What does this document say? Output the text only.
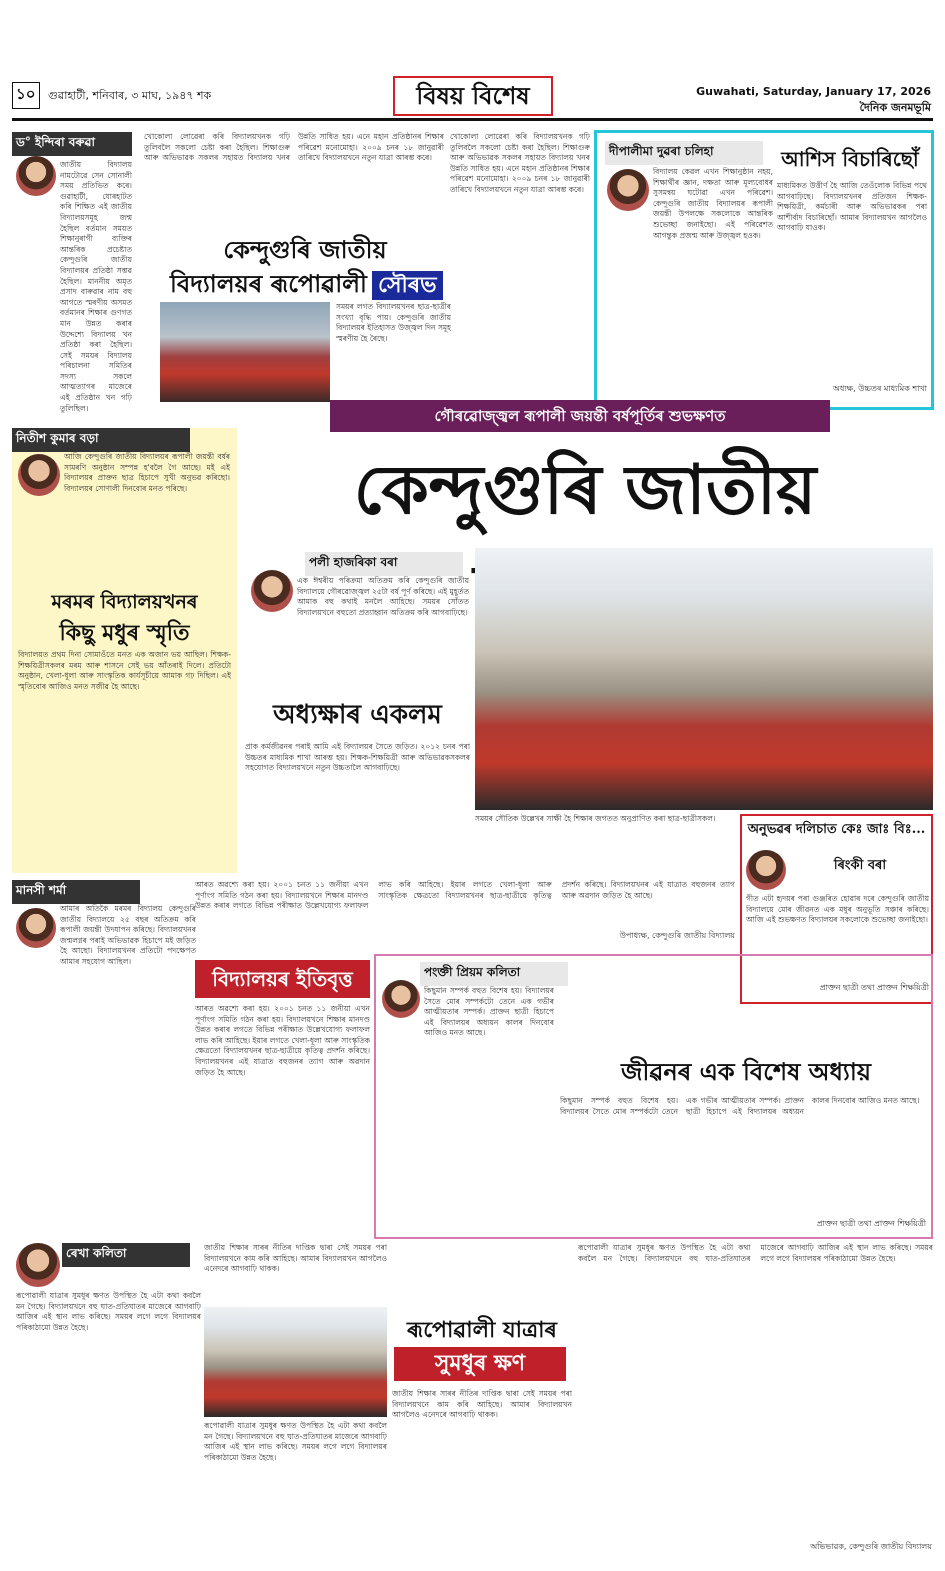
১০ গুৱাহাটী, শনিবাৰ, ৩ মাঘ, ১৯৪৭ শক	বিষয় বিশেষ	Guwahati, Saturday, January 17, 2026
দৈনিক জনমভূমি
ড° ইন্দিৰা বৰুৱা
জাতীয় বিদ্যালয় নামটোৱে সেন সোনালী সময় প্ৰতিভিত কৰে। গুৱাহাটী, যোৰহাটত কৰি শিক্ষিত এই জাতীয় বিদ্যালয়সমূহ জন্ম হৈছিল বৰ্তমান সময়ত শিক্ষানুৰাগী ব্যক্তিৰ আন্তৰিক প্ৰচেষ্টাত কেন্দুগুৰি জাতীয় বিদ্যালয়ৰ প্ৰতিষ্ঠা সম্ভৱ হৈছিল। মাননীয় অমৃত প্ৰসাদ বাৰুৱাৰ নাম বহু আগতে স্মৰণীয় অসমত বৰ্তমানৰ শিক্ষাৰ গুণগত মান উন্নত কৰাৰ উদ্দেশ্যে বিদ্যালয় খন প্ৰতিষ্ঠা কৰা হৈছিল। সেই সময়ৰ বিদ্যালয় পৰিচালনা সমিতিৰ সদস্য সকলে আত্মত্যাগৰ মাজেৰে এই প্ৰতিষ্ঠান খন গঢ়ি তুলিছিল।
খোকোলা লোৱেৰা কৰি বিদ্যালয়খনক গঢ়ি তুলিবলৈ সকলো চেষ্টা কৰা হৈছিল। শিক্ষাগুৰু আৰু অভিভাৱক সকলৰ সহায়ত বিদ্যালয় খনৰ উন্নতি সাধিত হয়। এনে মহান প্ৰতিষ্ঠানৰ শিক্ষাৰ পৰিৱেশ মনোমোহা। ২০০৯ চনৰ ১৮ জানুৱাৰী তাৰিখে বিদ্যালয়খনে নতুন যাত্ৰা আৰম্ভ কৰে।
কেন্দুগুৰি জাতীয়
বিদ্যালয়ৰ ৰূপোৱালী সৌৰভ
সময়ৰ লগত বিদ্যালয়খনৰ ছাত্ৰ-ছাত্ৰীৰ সংখ্যা বৃদ্ধি পায়। কেন্দুগুৰি জাতীয় বিদ্যালয়ৰ ইতিহাসত উজ্জ্বল দিন সমূহ স্মৰণীয় হৈ ৰৈছে।
খোকোলা লোৱেৰা কৰি বিদ্যালয়খনক গঢ়ি তুলিবলৈ সকলো চেষ্টা কৰা হৈছিল। শিক্ষাগুৰু আৰু অভিভাৱক সকলৰ সহায়ত বিদ্যালয় খনৰ উন্নতি সাধিত হয়। এনে মহান প্ৰতিষ্ঠানৰ শিক্ষাৰ পৰিৱেশ মনোমোহা। ২০০৯ চনৰ ১৮ জানুৱাৰী তাৰিখে বিদ্যালয়খনে নতুন যাত্ৰা আৰম্ভ কৰে।
দীপালীমা দুৱৰা চলিহা
বিদ্যালয় কেৱল এখন শিক্ষানুষ্ঠান নহয়, শিক্ষাৰ্থীৰ জ্ঞান, দক্ষতা আৰু মূল্যবোধৰ সুসমন্বয় ঘটোৱা এখন পৰিৱেশ। কেন্দুগুৰি জাতীয় বিদ্যালয়ৰ ৰূপালী জয়ন্তী উপলক্ষে সকলোকে আন্তৰিক শুভেচ্ছা জনাইছো। এই পৰিৱেশত আগন্তুক প্ৰজন্ম আৰু উজ্জ্বল হওক।
আশিস বিচাৰিছোঁ
মাধ্যমিকত উত্তীৰ্ণ হৈ আজি তেওঁলোক বিভিন্ন পথে আগবাঢ়িছে। বিদ্যালয়খনৰ প্ৰতিজন শিক্ষক-শিক্ষয়িত্ৰী, কৰ্মচাৰী আৰু অভিভাৱকৰ পৰা আশীৰ্বাদ বিচাৰিছোঁ। আমাৰ বিদ্যালয়খন আগলৈও আগবাঢ়ি যাওক।
অধ্যক্ষ, উচ্চতৰ মাধ্যমিক শাখা
নিতীশ কুমাৰ বড়া
আজি কেন্দুগুৰি জাতীয় বিদ্যালয়ৰ ৰূপালী জয়ন্তী বৰ্ষৰ সামৰণি অনুষ্ঠান সম্পন্ন হ'বলৈ গৈ আছে। মই এই বিদ্যালয়ৰ প্ৰাক্তন ছাত্ৰ হিচাপে সুখী অনুভৱ কৰিছো। বিদ্যালয়ৰ সোণালী দিনবোৰ মনত পৰিছে।
মৰমৰ বিদ্যালয়খনৰ
কিছু মধুৰ স্মৃতি
বিদ্যালয়ত প্ৰথম দিনা সোমাওঁতে মনত এক অজান ভয় আছিল। শিক্ষক-শিক্ষয়িত্ৰীসকলৰ মৰম আৰু শাসনে সেই ভয় আঁতৰাই দিলে। প্ৰতিটো অনুষ্ঠান, খেলা-ধূলা আৰু সাংস্কৃতিক কাৰ্যসূচীয়ে আমাক গঢ় দিছিল। এই স্মৃতিবোৰ আজিও মনত সজীৱ হৈ আছে।
গৌৰৱোজ্জ্বল ৰূপালী জয়ন্তী বৰ্ষপূৰ্তিৰ শুভক্ষণত
কেন্দুগুৰি জাতীয়
পলী হাজৰিকা বৰা
এক ঈশ্বৰীয় পৰিক্ৰমা অতিক্ৰম কৰি কেন্দুগুৰি জাতীয় বিদ্যালয়ে গৌৰৱোজ্জ্বল ২৫টা বৰ্ষ পূৰ্ণ কৰিছে। এই মুহূৰ্তত আমাক বহু কথাই মনলৈ আহিছে। সময়ৰ সোঁতত বিদ্যালয়খনে বহুতো প্ৰত্যাহ্বান অতিক্ৰম কৰি আগবাঢ়িছে।
অধ্যক্ষাৰ একলম
প্ৰাক কৰ্মজীৱনৰ পৰাই আমি এই বিদ্যালয়ৰ সৈতে জড়িত। ২০১২ চনৰ পৰা উচ্চতৰ মাধ্যমিক শাখা আৰম্ভ হয়। শিক্ষক-শিক্ষয়িত্ৰী আৰু অভিভাৱকসকলৰ সহযোগত বিদ্যালয়খনে নতুন উচ্চতালৈ আগবাঢ়িছে।
সময়ৰ সৌতিক উল্লেখৰ সাক্ষী হৈ শিক্ষাৰ জগতত অনুপ্ৰাণিত কৰা ছাত্ৰ-ছাত্ৰীসকল।
অনুভৱৰ দলিচাত কেঃ জাঃ বিঃ...
ৰিংকী বৰা
গীত এটা হৃদয়ৰ পৰা গুঞ্জৰিত হোৱাৰ দৰে কেন্দুগুৰি জাতীয় বিদ্যালয়ে মোৰ জীৱনত এক মধুৰ অনুভূতি সঞ্চাৰ কৰিছে। আজি এই শুভক্ষণত বিদ্যালয়ৰ সকলোকে শুভেচ্ছা জনাইছো।
প্ৰাক্তন ছাত্ৰী তথা প্ৰাক্তন শিক্ষয়িত্ৰী
মানসী শৰ্মা
আমাৰ অতিকৈ মৰমৰ বিদ্যালয় কেন্দুগুৰি জাতীয় বিদ্যালয়ে ২৫ বছৰ অতিক্ৰম কৰি ৰূপালী জয়ন্তী উদযাপন কৰিছে। বিদ্যালয়খনৰ জন্মলগ্নৰ পৰাই অভিভাৱক হিচাপে মই জড়িত হৈ আছো। বিদ্যালয়খনৰ প্ৰতিটো পদক্ষেপত আমাৰ সহযোগ আছিল।
আৰত অৱশ্যে কৰা হয়। ২০০১ চনত ১১ জনীয়া এখন পূৰ্ণাংগ সমিতি গঠন কৰা হয়। বিদ্যালয়খনে শিক্ষাৰ মানদণ্ড উন্নত কৰাৰ লগতে বিভিন্ন পৰীক্ষাত উল্লেখযোগ্য ফলাফল লাভ কৰি আহিছে। ইয়াৰ লগতে খেলা-ধূলা আৰু সাংস্কৃতিক ক্ষেত্ৰতো বিদ্যালয়খনৰ ছাত্ৰ-ছাত্ৰীয়ে কৃতিত্ব প্ৰদৰ্শন কৰিছে। বিদ্যালয়খনৰ এই যাত্ৰাত বহুজনৰ ত্যাগ আৰু অৱদান জড়িত হৈ আছে।
বিদ্যালয়ৰ ইতিবৃত্ত
আৰত অৱশ্যে কৰা হয়। ২০০১ চনত ১১ জনীয়া এখন পূৰ্ণাংগ সমিতি গঠন কৰা হয়। বিদ্যালয়খনে শিক্ষাৰ মানদণ্ড উন্নত কৰাৰ লগতে বিভিন্ন পৰীক্ষাত উল্লেখযোগ্য ফলাফল লাভ কৰি আহিছে। ইয়াৰ লগতে খেলা-ধূলা আৰু সাংস্কৃতিক ক্ষেত্ৰতো বিদ্যালয়খনৰ ছাত্ৰ-ছাত্ৰীয়ে কৃতিত্ব প্ৰদৰ্শন কৰিছে। বিদ্যালয়খনৰ এই যাত্ৰাত বহুজনৰ ত্যাগ আৰু অৱদান জড়িত হৈ আছে।
উপাধ্যক্ষ, কেন্দুগুৰি জাতীয় বিদ্যালয়
পংক্তী প্ৰিয়ম কলিতা
কিছুমান সম্পৰ্ক বহুত বিশেষ হয়। বিদ্যালয়ৰ সৈতে মোৰ সম্পৰ্কটো তেনে এক গভীৰ আত্মীয়তাৰ সম্পৰ্ক। প্ৰাক্তন ছাত্ৰী হিচাপে এই বিদ্যালয়ৰ অধ্যয়ন কালৰ দিনবোৰ আজিও মনত আছে।
জীৱনৰ এক বিশেষ অধ্যায়
কিছুমান সম্পৰ্ক বহুত বিশেষ হয়। বিদ্যালয়ৰ সৈতে মোৰ সম্পৰ্কটো তেনে এক গভীৰ আত্মীয়তাৰ সম্পৰ্ক। প্ৰাক্তন ছাত্ৰী হিচাপে এই বিদ্যালয়ৰ অধ্যয়ন কালৰ দিনবোৰ আজিও মনত আছে।
প্ৰাক্তন ছাত্ৰী তথা প্ৰাক্তন শিক্ষয়িত্ৰী
ৰেখা কলিতা
ৰূপোৱালী যাত্ৰাৰ সুমধুৰ ক্ষণত উপস্থিত হৈ এটা কথা কবলৈ মন গৈছে। বিদ্যালয়খনে বহু ঘাত-প্ৰতিঘাতৰ মাজেৰে আগবাঢ়ি আজিৰ এই স্থান লাভ কৰিছে। সময়ৰ লগে লগে বিদ্যালয়ৰ পৰিকাঠামো উন্নত হৈছে।
জাতীয় শিক্ষাৰ সাৰৰ নীতিৰ দাপ্তিক দ্বাৰা সেই সময়ৰ পৰা বিদ্যালয়খনে কাম কৰি আহিছে। আমাৰ বিদ্যালয়খন আগলৈও এনেদৰে আগবাঢ়ি থাকক।
ৰূপোৱালী যাত্ৰাৰ সুমধুৰ ক্ষণত উপস্থিত হৈ এটা কথা কবলৈ মন গৈছে। বিদ্যালয়খনে বহু ঘাত-প্ৰতিঘাতৰ মাজেৰে আগবাঢ়ি আজিৰ এই স্থান লাভ কৰিছে। সময়ৰ লগে লগে বিদ্যালয়ৰ পৰিকাঠামো উন্নত হৈছে।
ৰূপোৱালী যাত্ৰাৰ
সুমধুৰ ক্ষণ
জাতীয় শিক্ষাৰ সাৰৰ নীতিৰ দাপ্তিক দ্বাৰা সেই সময়ৰ পৰা বিদ্যালয়খনে কাম কৰি আহিছে। আমাৰ বিদ্যালয়খন আগলৈও এনেদৰে আগবাঢ়ি থাকক।
ৰূপোৱালী যাত্ৰাৰ সুমধুৰ ক্ষণত উপস্থিত হৈ এটা কথা কবলৈ মন গৈছে। বিদ্যালয়খনে বহু ঘাত-প্ৰতিঘাতৰ মাজেৰে আগবাঢ়ি আজিৰ এই স্থান লাভ কৰিছে। সময়ৰ লগে লগে বিদ্যালয়ৰ পৰিকাঠামো উন্নত হৈছে।
অভিভাৱক, কেন্দুগুৰি জাতীয় বিদ্যালয়
